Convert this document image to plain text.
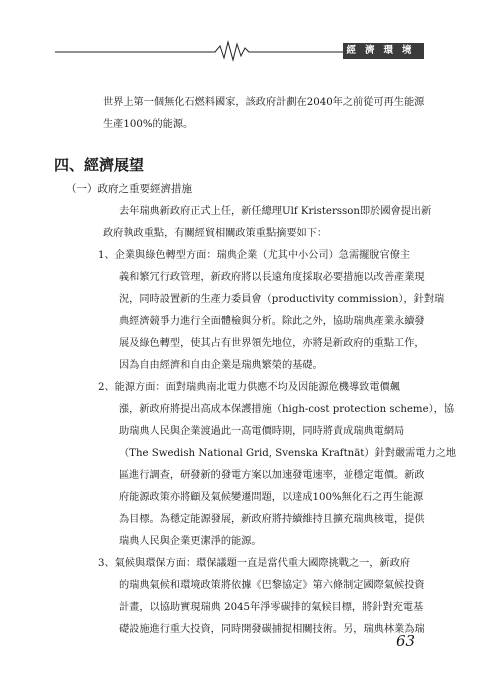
經濟環境
世界上第一個無化石燃料國家，該政府計劃在2040年之前從可再生能源
生產100%的能源。
四、經濟展望
（一）政府之重要經濟措施
去年瑞典新政府正式上任，新任總理Ulf Kristersson即於國會提出新
政府執政重點，有關經貿相關政策重點摘要如下：
1、企業與綠色轉型方面：瑞典企業（尤其中小公司）急需擺脫官僚主
義和繁冗行政管理，新政府將以長遠角度採取必要措施以改善產業現
況，同時設置新的生產力委員會（productivity commission），針對瑞
典經濟競爭力進行全面體檢與分析。除此之外，協助瑞典產業永續發
展及綠色轉型，使其占有世界領先地位，亦將是新政府的重點工作，
因為自由經濟和自由企業是瑞典繁榮的基礎。
2、能源方面：面對瑞典南北電力供應不均及因能源危機導致電價飆
漲，新政府將提出高成本保護措施（high-cost protection scheme），協
助瑞典人民與企業渡過此一高電價時期，同時將責成瑞典電網局
（The Swedish National Grid, Svenska Kraftnät）針對嚴需電力之地
區進行調查，研發新的發電方案以加速發電速率，並穩定電價。新政
府能源政策亦將顧及氣候變遷問題，以達成100%無化石之再生能源
為目標。為穩定能源發展，新政府將持續維持且擴充瑞典核電，提供
瑞典人民與企業更潔淨的能源。
3、氣候與環保方面：環保議題一直是當代重大國際挑戰之一，新政府
的瑞典氣候和環境政策將依據《巴黎協定》第六條制定國際氣候投資
計畫，以協助實現瑞典 2045年淨零碳排的氣候目標，將針對充電基
礎設施進行重大投資，同時開發碳捕捉相關技術。另，瑞典林業為瑞
63
